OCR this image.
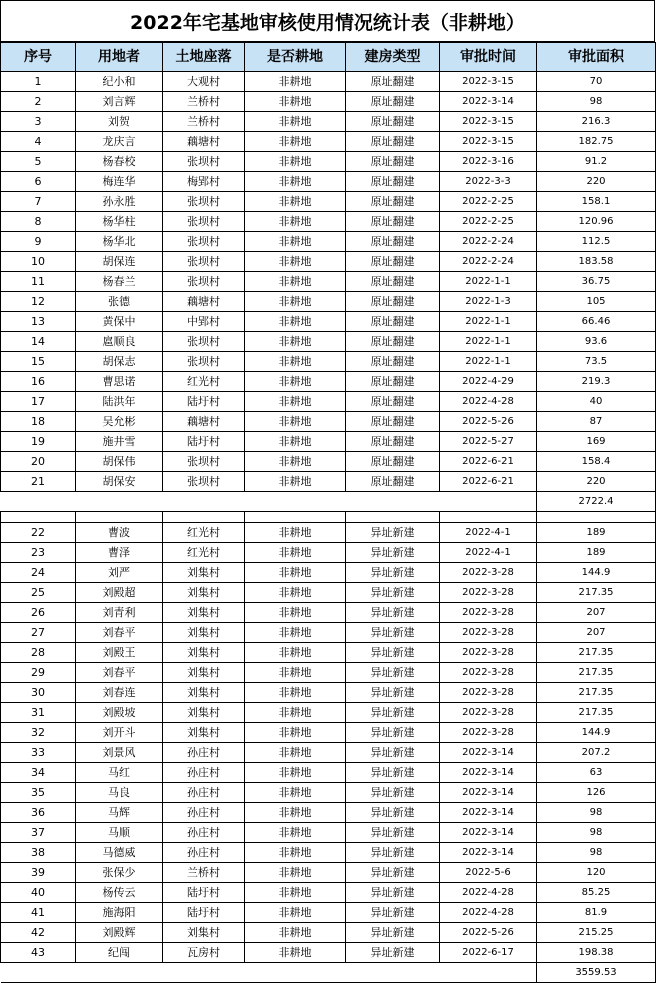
2022年宅基地审核使用情况统计表（非耕地）
序号	用地者	土地座落	是否耕地	建房类型	审批时间	审批面积
1	纪小和	大观村	非耕地	原址翻建	2022-3-15	70
2	刘言辉	兰桥村	非耕地	原址翻建	2022-3-14	98
3	刘贺	兰桥村	非耕地	原址翻建	2022-3-15	216.3
4	龙庆言	藕塘村	非耕地	原址翻建	2022-3-15	182.75
5	杨春校	张坝村	非耕地	原址翻建	2022-3-16	91.2
6	梅连华	梅郢村	非耕地	原址翻建	2022-3-3	220
7	孙永胜	张坝村	非耕地	原址翻建	2022-2-25	158.1
8	杨华柱	张坝村	非耕地	原址翻建	2022-2-25	120.96
9	杨华北	张坝村	非耕地	原址翻建	2022-2-24	112.5
10	胡保连	张坝村	非耕地	原址翻建	2022-2-24	183.58
11	杨春兰	张坝村	非耕地	原址翻建	2022-1-1	36.75
12	张德	藕塘村	非耕地	原址翻建	2022-1-3	105
13	黄保中	中郢村	非耕地	原址翻建	2022-1-1	66.46
14	扈顺良	张坝村	非耕地	原址翻建	2022-1-1	93.6
15	胡保志	张坝村	非耕地	原址翻建	2022-1-1	73.5
16	曹思诺	红光村	非耕地	原址翻建	2022-4-29	219.3
17	陆洪年	陆圩村	非耕地	原址翻建	2022-4-28	40
18	吴允彬	藕塘村	非耕地	原址翻建	2022-5-26	87
19	施井雪	陆圩村	非耕地	原址翻建	2022-5-27	169
20	胡保伟	张坝村	非耕地	原址翻建	2022-6-21	158.4
21	胡保安	张坝村	非耕地	原址翻建	2022-6-21	220
						2722.4

22	曹波	红光村	非耕地	异址新建	2022-4-1	189
23	曹泽	红光村	非耕地	异址新建	2022-4-1	189
24	刘严	刘集村	非耕地	异址新建	2022-3-28	144.9
25	刘殿超	刘集村	非耕地	异址新建	2022-3-28	217.35
26	刘青利	刘集村	非耕地	异址新建	2022-3-28	207
27	刘春平	刘集村	非耕地	异址新建	2022-3-28	207
28	刘殿王	刘集村	非耕地	异址新建	2022-3-28	217.35
29	刘春平	刘集村	非耕地	异址新建	2022-3-28	217.35
30	刘春连	刘集村	非耕地	异址新建	2022-3-28	217.35
31	刘殿坡	刘集村	非耕地	异址新建	2022-3-28	217.35
32	刘开斗	刘集村	非耕地	异址新建	2022-3-28	144.9
33	刘景风	孙庄村	非耕地	异址新建	2022-3-14	207.2
34	马红	孙庄村	非耕地	异址新建	2022-3-14	63
35	马良	孙庄村	非耕地	异址新建	2022-3-14	126
36	马辉	孙庄村	非耕地	异址新建	2022-3-14	98
37	马顺	孙庄村	非耕地	异址新建	2022-3-14	98
38	马德威	孙庄村	非耕地	异址新建	2022-3-14	98
39	张保少	兰桥村	非耕地	异址新建	2022-5-6	120
40	杨传云	陆圩村	非耕地	异址新建	2022-4-28	85.25
41	施海阳	陆圩村	非耕地	异址新建	2022-4-28	81.9
42	刘殿辉	刘集村	非耕地	异址新建	2022-5-26	215.25
43	纪闯	瓦房村	非耕地	异址新建	2022-6-17	198.38
						3559.53
